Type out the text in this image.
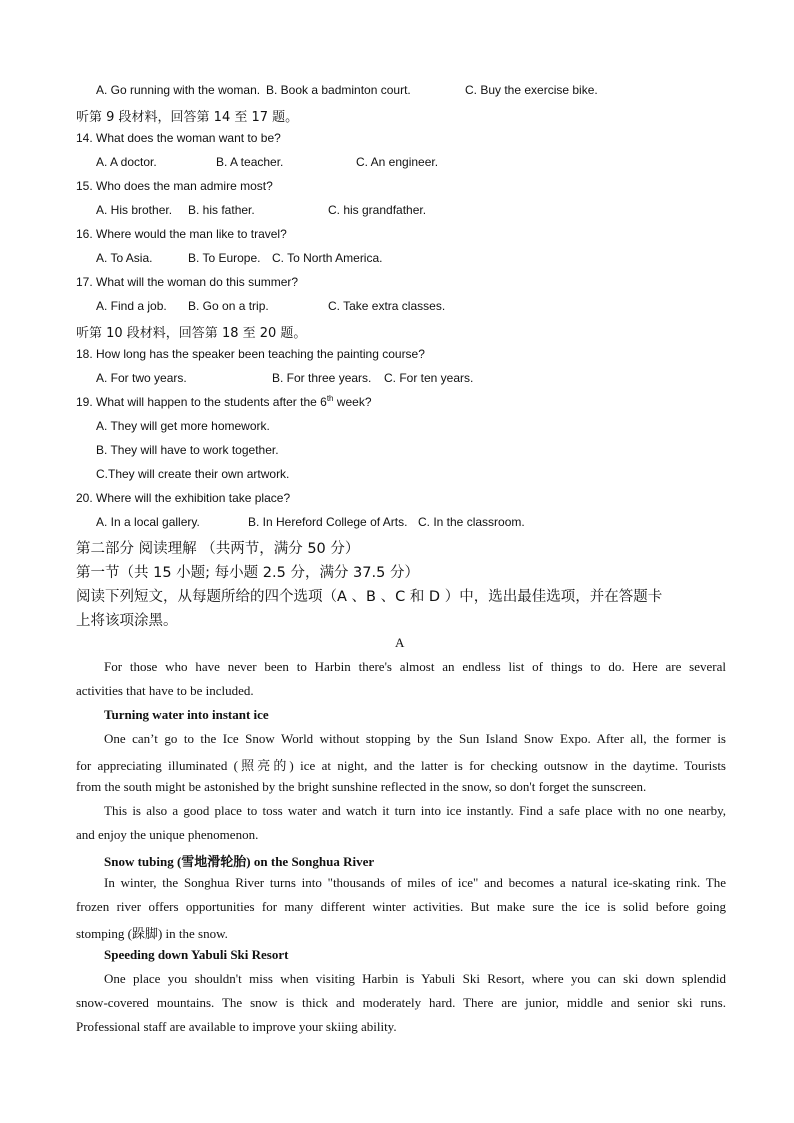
A. Go running with the woman. B. Book a badminton court.	C. Buy the exercise bike.
听第 9 段材料，回答第 14 至 17 题。
14. What does the woman want to be?
A. A doctor.	B. A teacher.	C. An engineer.
15. Who does the man admire most?
A. His brother. B. his father.	C. his grandfather.
16. Where would the man like to travel?
A. To Asia.	B. To Europe. C. To North America.
17. What will the woman do this summer?
A. Find a job. B. Go on a trip.	C. Take extra classes.
听第 10 段材料，回答第 18 至 20 题。
18. How long has the speaker been teaching the painting course?
A. For two years.	B. For three years. C. For ten years.
19. What will happen to the students after the 6th week?
A. They will get more homework.
B. They will have to work together.
C.They will create their own artwork.
20. Where will the exhibition take place?
A. In a local gallery.	B. In Hereford College of Arts. C. In the classroom.
第二部分 阅读理解 （共两节，满分 50 分）
第一节（共 15 小题; 每小题 2.5 分，满分 37.5 分）
阅读下列短文，从每题所给的四个选项（A 、B 、C 和 D ）中，选出最佳选项，并在答题卡
上将该项涂黑。
A
For those who have never been to Harbin there's almost an endless list of things to do. Here are several
activities that have to be included.
Turning water into instant ice
One can’t go to the Ice Snow World without stopping by the Sun Island Snow Expo. After all, the former is
for appreciating illuminated (照亮的) ice at night, and the latter is for checking outsnow in the daytime. Tourists
from the south might be astonished by the bright sunshine reflected in the snow, so don't forget the sunscreen.
This is also a good place to toss water and watch it turn into ice instantly. Find a safe place with no one nearby,
and enjoy the unique phenomenon.
Snow tubing (雪地滑轮胎) on the Songhua River
In winter, the Songhua River turns into "thousands of miles of ice" and becomes a natural ice-skating rink. The
frozen river offers opportunities for many different winter activities. But make sure the ice is solid before going
stomping (跺脚) in the snow.
Speeding down Yabuli Ski Resort
One place you shouldn't miss when visiting Harbin is Yabuli Ski Resort, where you can ski down splendid
snow-covered mountains. The snow is thick and moderately hard. There are junior, middle and senior ski runs.
Professional staff are available to improve your skiing ability.
